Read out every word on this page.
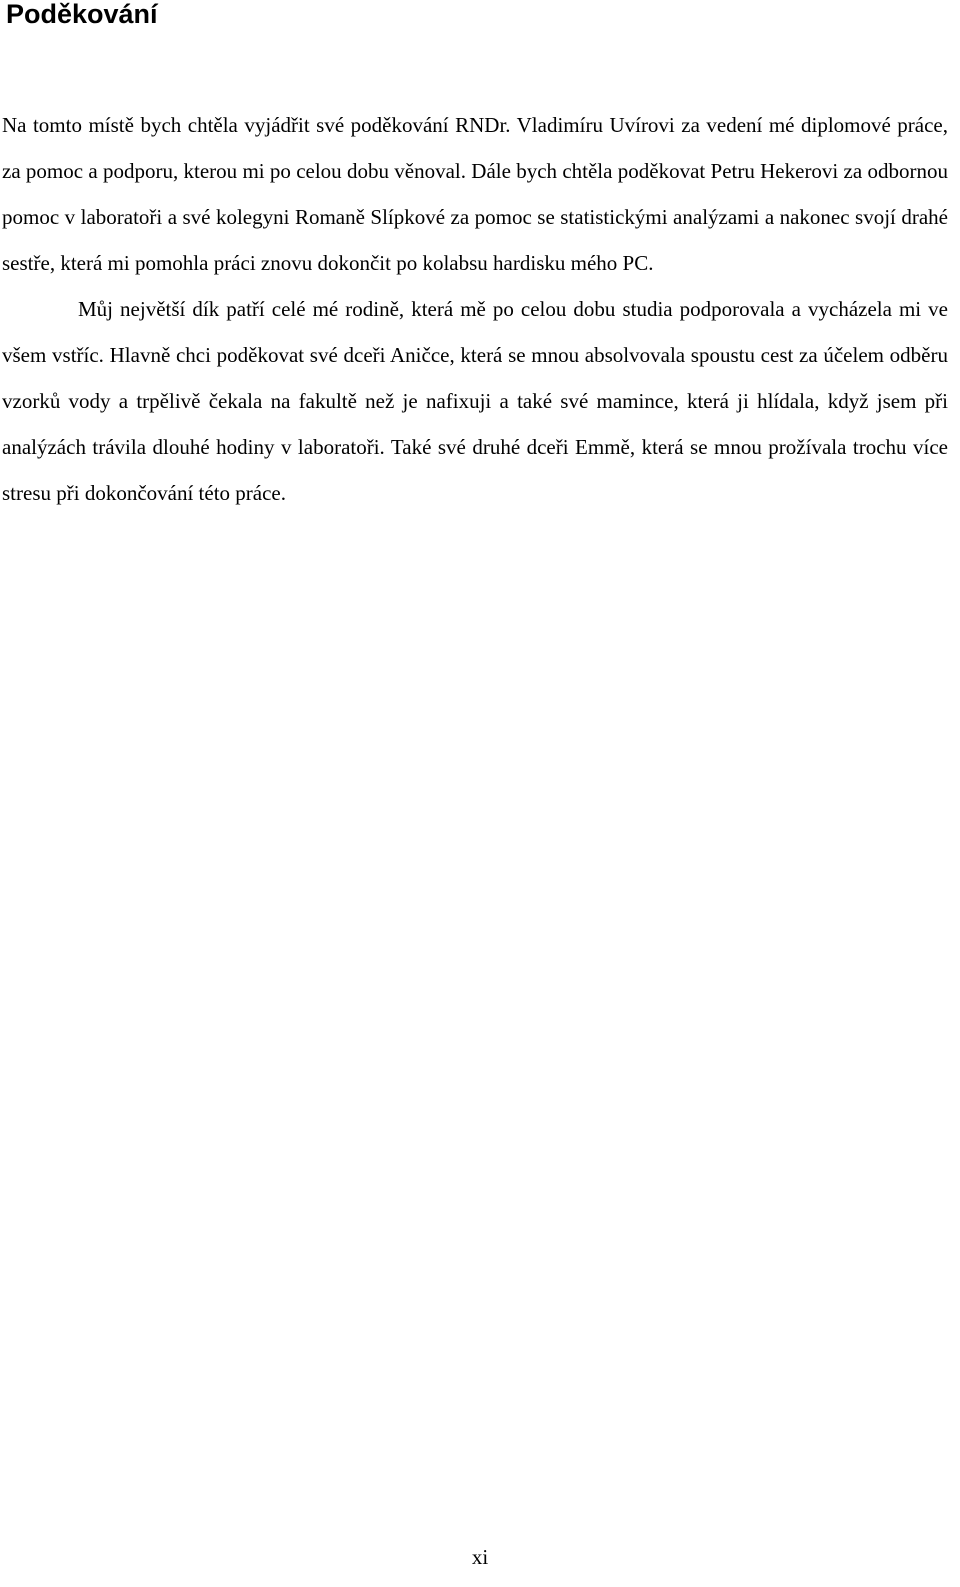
Poděkování

Na tomto místě bych chtěla vyjádřit své poděkování RNDr. Vladimíru Uvírovi za vedení mé diplomové práce, za pomoc a podporu, kterou mi po celou dobu věnoval. Dále bych chtěla poděkovat Petru Hekerovi za odbornou pomoc v laboratoři a své kolegyni Romaně Slípkové za pomoc se statistickými analýzami a nakonec svojí drahé sestře, která mi pomohla práci znovu dokončit po kolabsu hardisku mého PC.

Můj největší dík patří celé mé rodině, která mě po celou dobu studia podporovala a vycházela mi ve všem vstříc. Hlavně chci poděkovat své dceři Aničce, která se mnou absolvovala spoustu cest za účelem odběru vzorků vody a trpělivě čekala na fakultě než je nafixuji a také své mamince, která ji hlídala, když jsem při analýzách trávila dlouhé hodiny v laboratoři. Také své druhé dceři Emmě, která se mnou prožívala trochu více stresu při dokončování této práce.

xi
